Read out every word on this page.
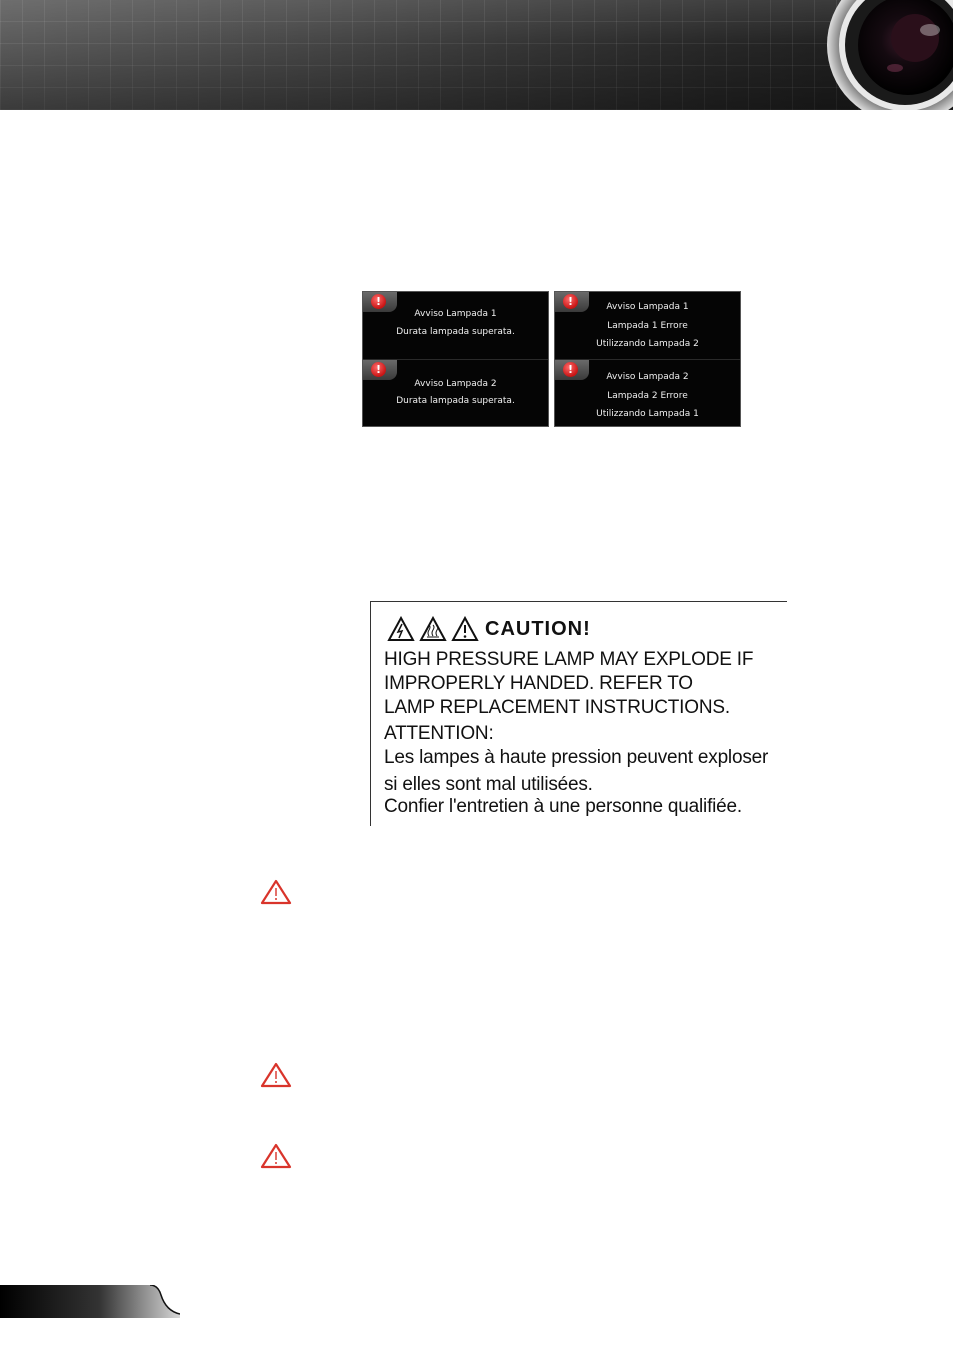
!
Avviso Lampada 1
Durata lampada superata.
!
Avviso Lampada 2
Durata lampada superata.
!	Avviso Lampada 1
Lampada 1 Errore
Utilizzando Lampada 2
!
Avviso Lampada 2
Lampada 2 Errore
Utilizzando Lampada 1
CAUTION!
HIGH PRESSURE LAMP MAY EXPLODE IF
IMPROPERLY HANDED. REFER TO
LAMP REPLACEMENT INSTRUCTIONS.
ATTENTION:
Les lampes à haute pression peuvent exploser
si elles sont mal utilisées.
Confier l'entretien à une personne qualifiée.
